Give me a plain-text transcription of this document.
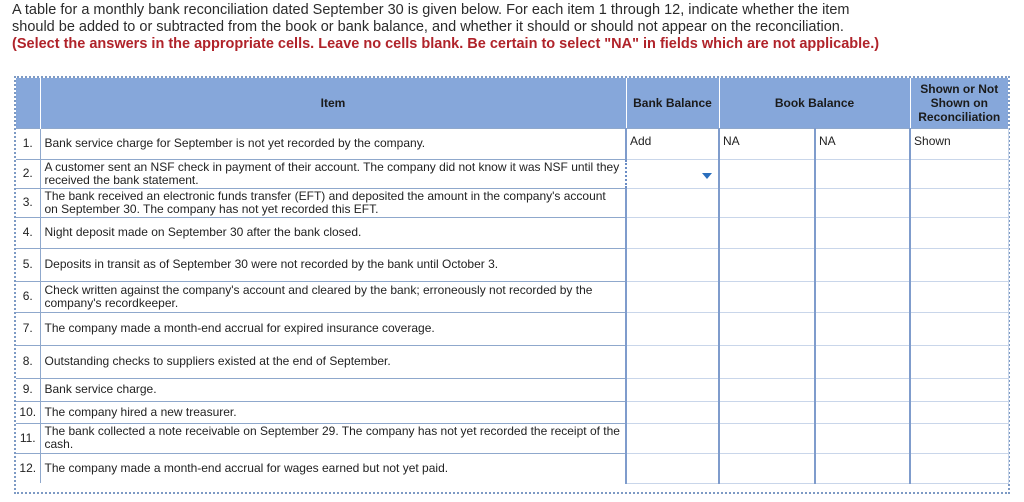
A table for a monthly bank reconciliation dated September 30 is given below. For each item 1 through 12, indicate whether the item
should be added to or subtracted from the book or bank balance, and whether it should or should not appear on the reconciliation.
(Select the answers in the appropriate cells. Leave no cells blank. Be certain to select "NA" in fields which are not applicable.)
	Item	Bank Balance	Book Balance		Shown or Not
Shown on
Reconciliation

1.	Bank service charge for September is not yet recorded by the company.	Add	NA	NA	Shown

2.	A customer sent an NSF check in payment of their account. The company did not know it was NSF until they received the bank statement.	

3.	The bank received an electronic funds transfer (EFT) and deposited the amount in the company's account on September 30. The company has not yet recorded this EFT.	

4.	Night deposit made on September 30 after the bank closed.	

5.	Deposits in transit as of September 30 were not recorded by the bank until October 3.	

6.	Check written against the company's account and cleared by the bank; erroneously not recorded by the company's recordkeeper.	

7.	The company made a month-end accrual for expired insurance coverage.	

8.	Outstanding checks to suppliers existed at the end of September.	

9.	Bank service charge.	

10.	The company hired a new treasurer.	

11.	The bank collected a note receivable on September 29. The company has not yet recorded the receipt of the cash.	

12.	The company made a month-end accrual for wages earned but not yet paid.	
